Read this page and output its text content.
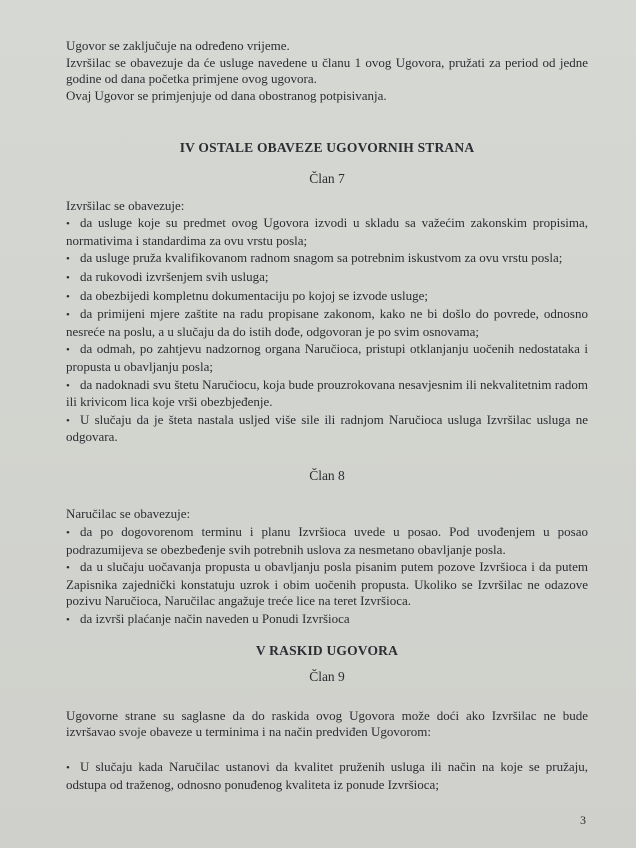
Ugovor se zaključuje na određeno vrijeme.

Izvršilac se obavezuje da će usluge navedene u članu 1 ovog Ugovora, pružati za period od jedne godine od dana početka primjene ovog ugovora.

Ovaj Ugovor se primjenjuje od dana obostranog potpisivanja.

IV OSTALE OBAVEZE UGOVORNIH STRANA
Član 7

Izvršilac se obavezuje:

• da usluge koje su predmet ovog Ugovora izvodi u skladu sa važećim zakonskim propisima, normativima i standardima za ovu vrstu posla;
• da usluge pruža kvalifikovanom radnom snagom sa potrebnim iskustvom za ovu vrstu posla;
• da rukovodi izvršenjem svih usluga;
• da obezbijedi kompletnu dokumentaciju po kojoj se izvode usluge;
• da primijeni mjere zaštite na radu propisane zakonom, kako ne bi došlo do povrede, odnosno nesreće na poslu, a u slučaju da do istih dođe, odgovoran je po svim osnovama;
• da odmah, po zahtjevu nadzornog organa Naručioca, pristupi otklanjanju uočenih nedostataka i propusta u obavljanju posla;
• da nadoknadi svu štetu Naručiocu, koja bude prouzrokovana nesavjesnim ili nekvalitetnim radom ili krivicom lica koje vrši obezbjeđenje.
• U slučaju da je šteta nastala usljed više sile ili radnjom Naručioca usluga Izvršilac usluga ne odgovara.
Član 8

Naručilac se obavezuje:

• da po dogovorenom terminu i planu Izvršioca uvede u posao. Pod uvođenjem u posao podrazumijeva se obezbeđenje svih potrebnih uslova za nesmetano obavljanje posla.
• da u slučaju uočavanja propusta u obavljanju posla pisanim putem pozove Izvršioca i da putem Zapisnika zajednički konstatuju uzrok i obim uočenih propusta. Ukoliko se Izvršilac ne odazove pozivu Naručioca, Naručilac angažuje treće lice na teret Izvršioca.
• da izvrši plaćanje način naveden u Ponudi Izvršioca
V RASKID UGOVORA
Član 9

Ugovorne strane su saglasne da do raskida ovog Ugovora može doći ako Izvršilac ne bude izvršavao svoje obaveze u terminima i na način predviđen Ugovorom:

• U slučaju kada Naručilac ustanovi da kvalitet pruženih usluga ili način na koje se pružaju, odstupa od traženog, odnosno ponuđenog kvaliteta iz ponude Izvršioca;
3
